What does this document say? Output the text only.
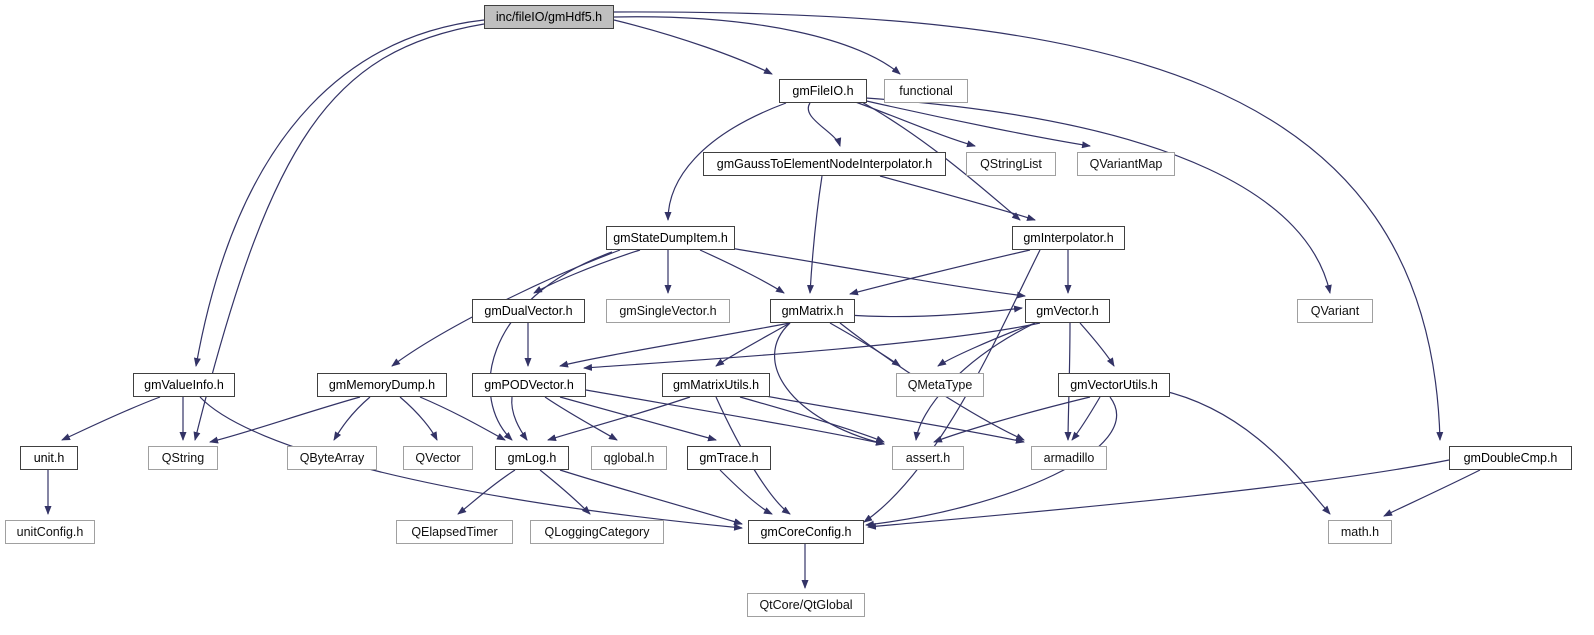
inc/fileIO/gmHdf5.h
gmFileIO.h	functional
gmGaussToElementNodeInterpolator.h	QStringList	QVariantMap
gmStateDumpItem.h	gmInterpolator.h
gmDualVector.h	gmSingleVector.h	gmMatrix.h	gmVector.h	QVariant
gmValueInfo.h	gmMemoryDump.h	gmPODVector.h	gmMatrixUtils.h	QMetaType	gmVectorUtils.h
unit.h	QString	QByteArray	QVector	gmLog.h	qglobal.h	gmTrace.h	assert.h	armadillo	gmDoubleCmp.h
unitConfig.h	QElapsedTimer	QLoggingCategory	gmCoreConfig.h	math.h
QtCore/QtGlobal
